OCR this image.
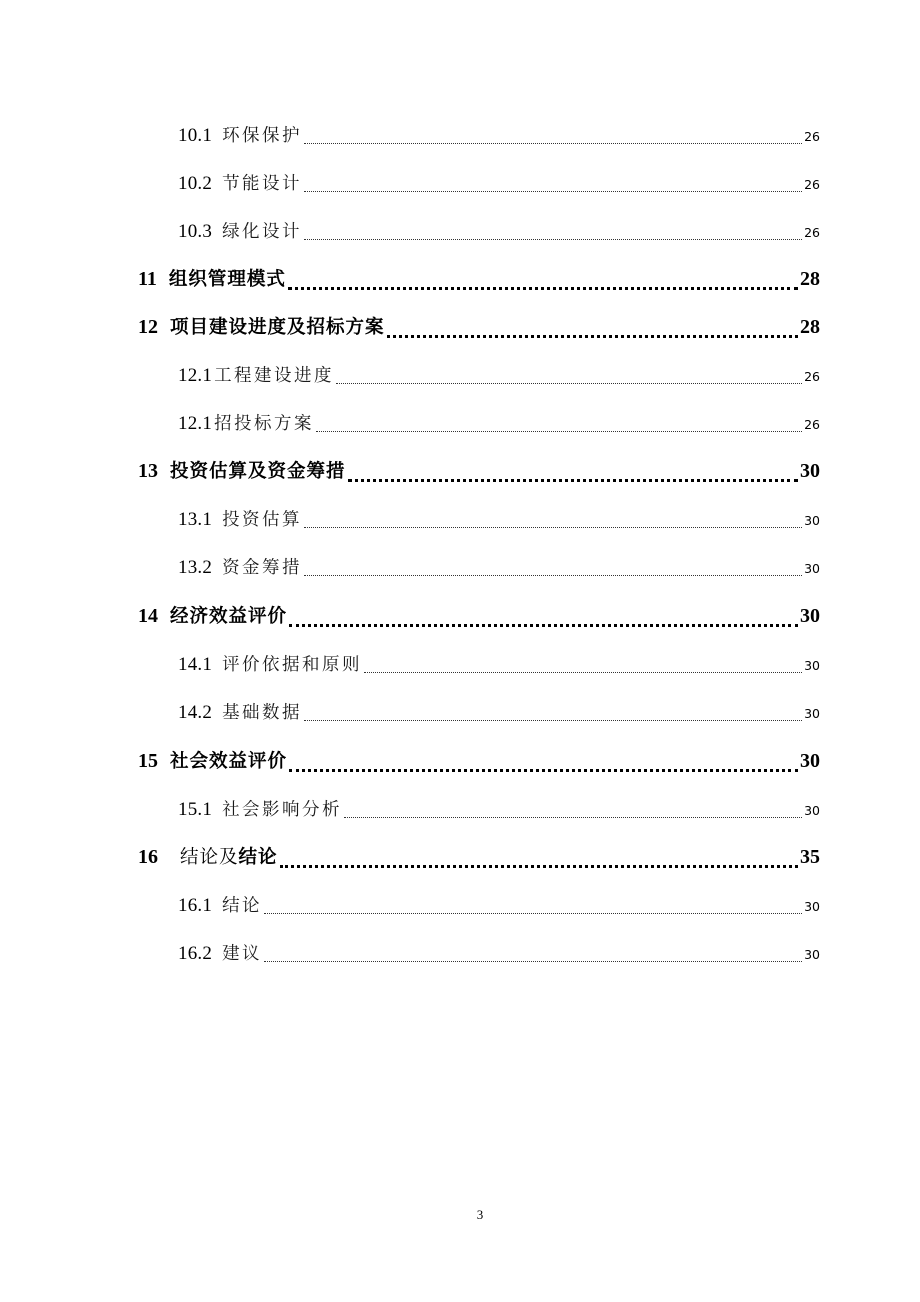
10.1 环保保护	26
10.2 节能设计	26
10.3 绿化设计	26
11 组织管理模式	28
12 项目建设进度及招标方案	28
12.1 工程建设进度	26
12.1 招投标方案	26
13 投资估算及资金筹措	30
13.1 投资估算	30
13.2 资金筹措	30
14 经济效益评价	30
14.1 评价依据和原则	30
14.2 基础数据	30
15 社会效益评价	30
15.1 社会影响分析	30
16 结论及结论	35
16.1 结论	30
16.2 建议	30
3
